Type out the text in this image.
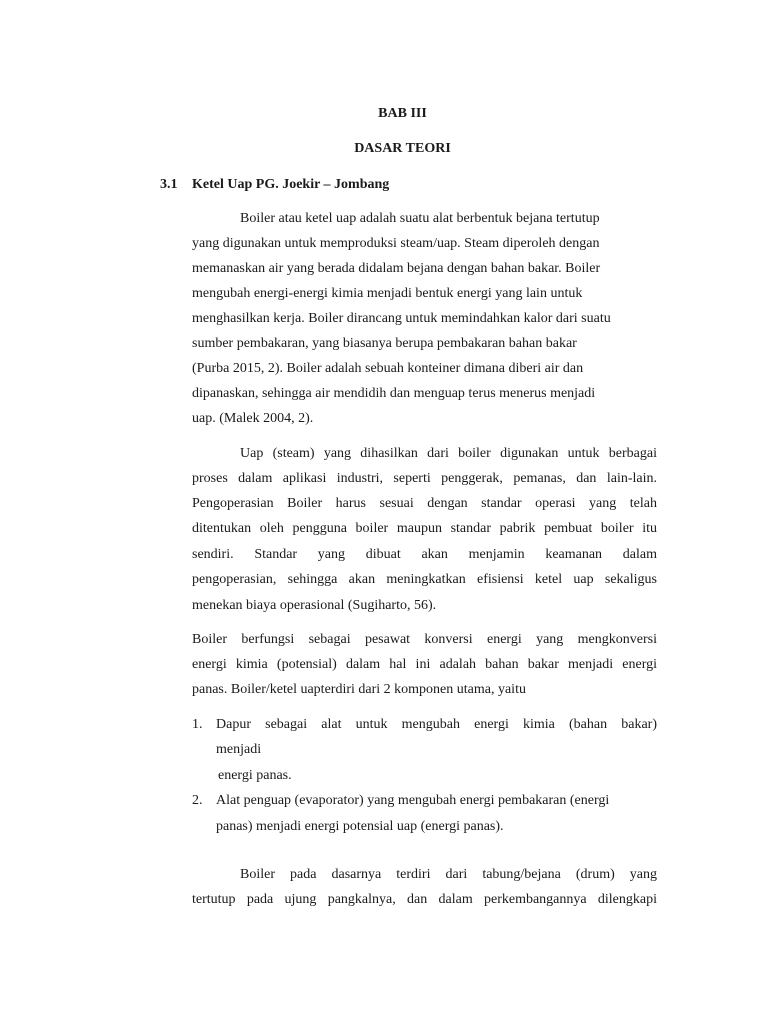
BAB III
DASAR TEORI
3.1 Ketel Uap PG. Joekir – Jombang
Boiler atau ketel uap adalah suatu alat berbentuk bejana tertutup
yang digunakan untuk memproduksi steam/uap. Steam diperoleh dengan
memanaskan air yang berada didalam bejana dengan bahan bakar. Boiler
mengubah energi-energi kimia menjadi bentuk energi yang lain untuk
menghasilkan kerja. Boiler dirancang untuk memindahkan kalor dari suatu
sumber pembakaran, yang biasanya berupa pembakaran bahan bakar
(Purba 2015, 2). Boiler adalah sebuah konteiner dimana diberi air dan
dipanaskan, sehingga air mendidih dan menguap terus menerus menjadi
uap. (Malek 2004, 2).
Uap (steam) yang dihasilkan dari boiler digunakan untuk berbagai
proses dalam aplikasi industri, seperti penggerak, pemanas, dan lain-lain.
Pengoperasian Boiler harus sesuai dengan standar operasi yang telah
ditentukan oleh pengguna boiler maupun standar pabrik pembuat boiler itu
sendiri. Standar yang dibuat akan menjamin keamanan dalam
pengoperasian, sehingga akan meningkatkan efisiensi ketel uap sekaligus
menekan biaya operasional (Sugiharto, 56).
Boiler berfungsi sebagai pesawat konversi energi yang mengkonversi
energi kimia (potensial) dalam hal ini adalah bahan bakar menjadi energi
panas. Boiler/ketel uapterdiri dari 2 komponen utama, yaitu
1. Dapur sebagai alat untuk mengubah energi kimia (bahan bakar)
menjadi
energi panas.
2. Alat penguap (evaporator) yang mengubah energi pembakaran (energi
panas) menjadi energi potensial uap (energi panas).
Boiler pada dasarnya terdiri dari tabung/bejana (drum) yang
tertutup pada ujung pangkalnya, dan dalam perkembangannya dilengkapi
